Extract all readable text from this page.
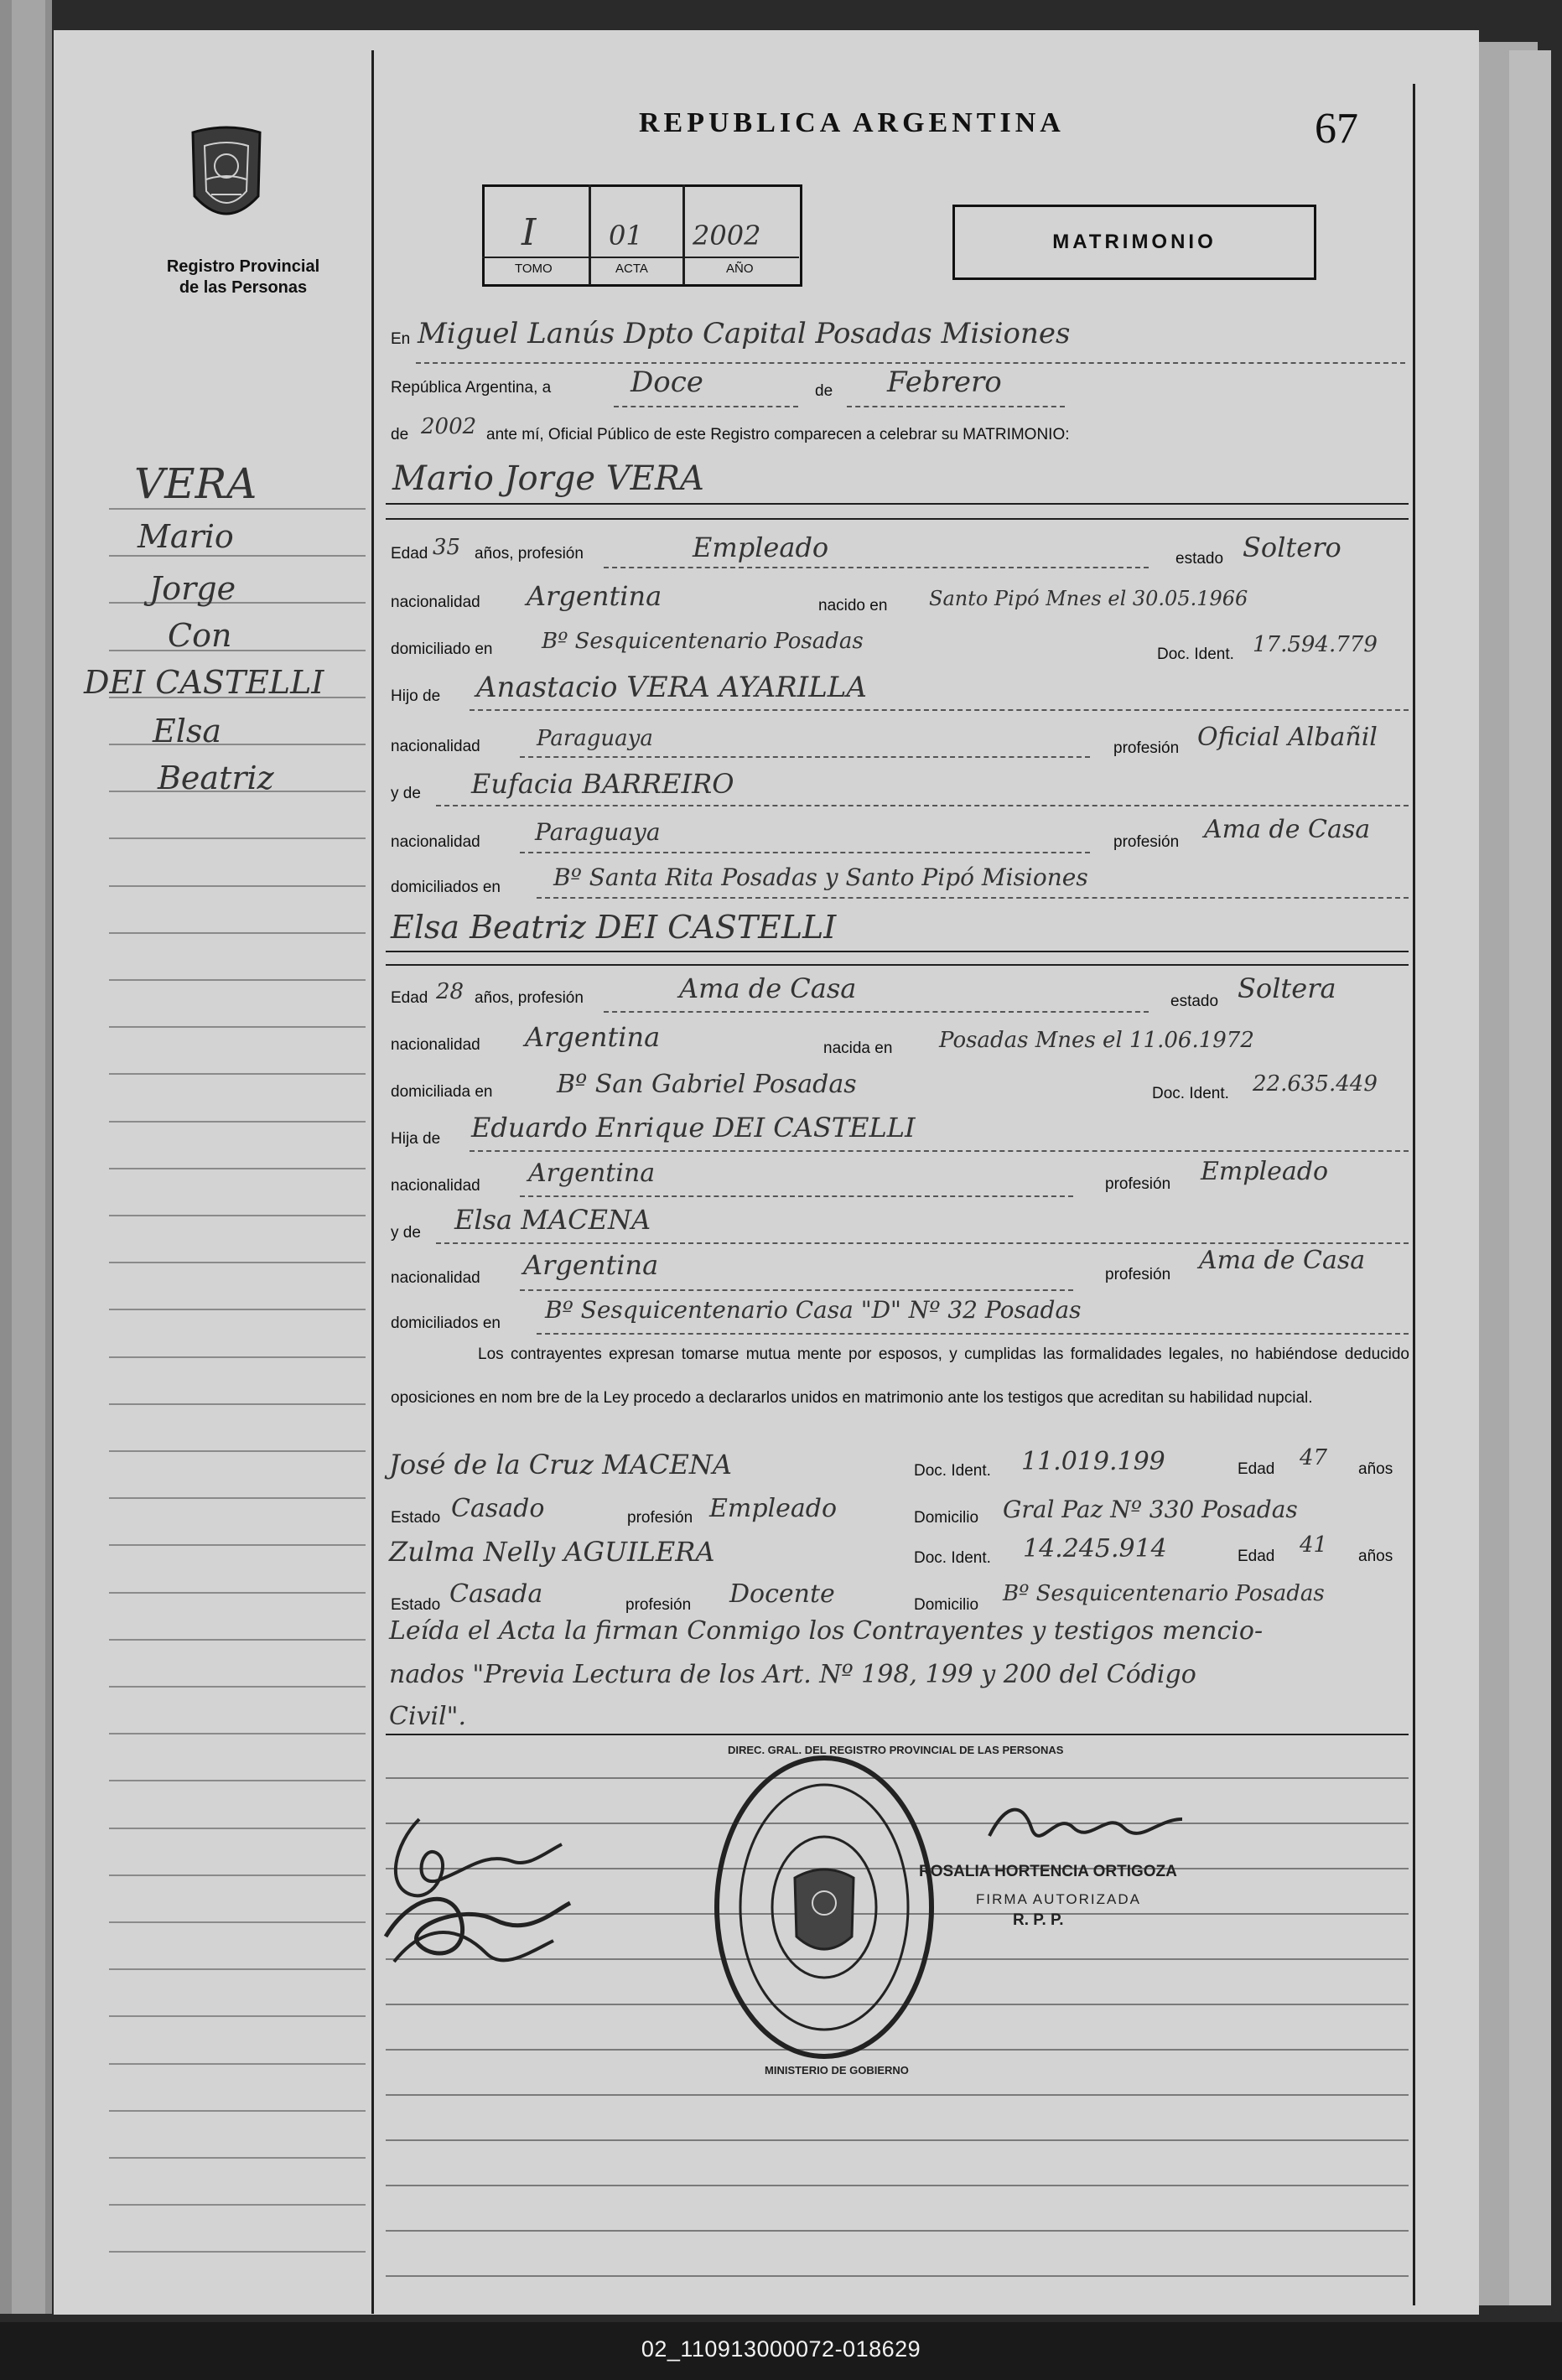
02_110913000072-018629
Registro Provincial
de las Personas
REPUBLICA ARGENTINA	67
I	01 2002
TOMO	ACTA	AÑO
MATRIMONIO
VERA
Mario
Jorge
Con
DEI CASTELLI
Elsa
Beatriz
En Miguel Lanús Dpto Capital Posadas Misiones
República Argentina, a	Doce	de Febrero
de 2002 ante mí, Oficial Público de este Registro comparecen a celebrar su MATRIMONIO:
Mario Jorge VERA
Edad 35 años, profesión	Empleado	estado Soltero
nacionalidad Argentina	nacido en Santo Pipó Mnes el 30.05.1966
domiciliado en Bº Sesquicentenario Posadas
Doc. Ident. 17.594.779
Hijo de Anastacio VERA AYARILLA
nacionalidad	Paraguaya	profesión Oficial Albañil
y de Eufacia BARREIRO
nacionalidad Paraguaya	profesión Ama de Casa
domiciliados en Bº Santa Rita Posadas y Santo Pipó Misiones
Elsa Beatriz DEI CASTELLI
Edad 28 años, profesión	Ama de Casa	estado Soltera
nacionalidad Argentina	nacida en Posadas Mnes el 11.06.1972
domiciliada en	Bº San Gabriel Posadas	Doc. Ident. 22.635.449
Hija de Eduardo Enrique DEI CASTELLI
nacionalidad Argentina	profesión Empleado
y de Elsa MACENA
nacionalidad Argentina	profesión Ama de Casa
domiciliados en Bº Sesquicentenario Casa "D" Nº 32 Posadas
Los contrayentes expresan tomarse mutua mente por esposos, y cumplidas las formalidades legales, no habiéndose deducido oposiciones en nom bre de la Ley procedo a declararlos unidos en matrimonio ante los testigos que acreditan su habilidad nupcial.
José de la Cruz MACENA	Doc. Ident. 11.019.199	Edad 47 años
Estado Casado	profesión Empleado	Domicilio Gral Paz Nº 330 Posadas
Zulma Nelly AGUILERA	Doc. Ident. 14.245.914	Edad 41 años
Estado Casada	profesión Docente	Domicilio Bº Sesquicentenario Posadas
Leída el Acta la firman Conmigo los Contrayentes y testigos mencio-
nados "Previa Lectura de los Art. Nº 198, 199 y 200 del Código
Civil".
DIREC. GRAL. DEL REGISTRO PROVINCIAL DE LAS PERSONAS
MINISTERIO DE GOBIERNO
ROSALIA HORTENCIA ORTIGOZA
FIRMA AUTORIZADA
R. P. P.
